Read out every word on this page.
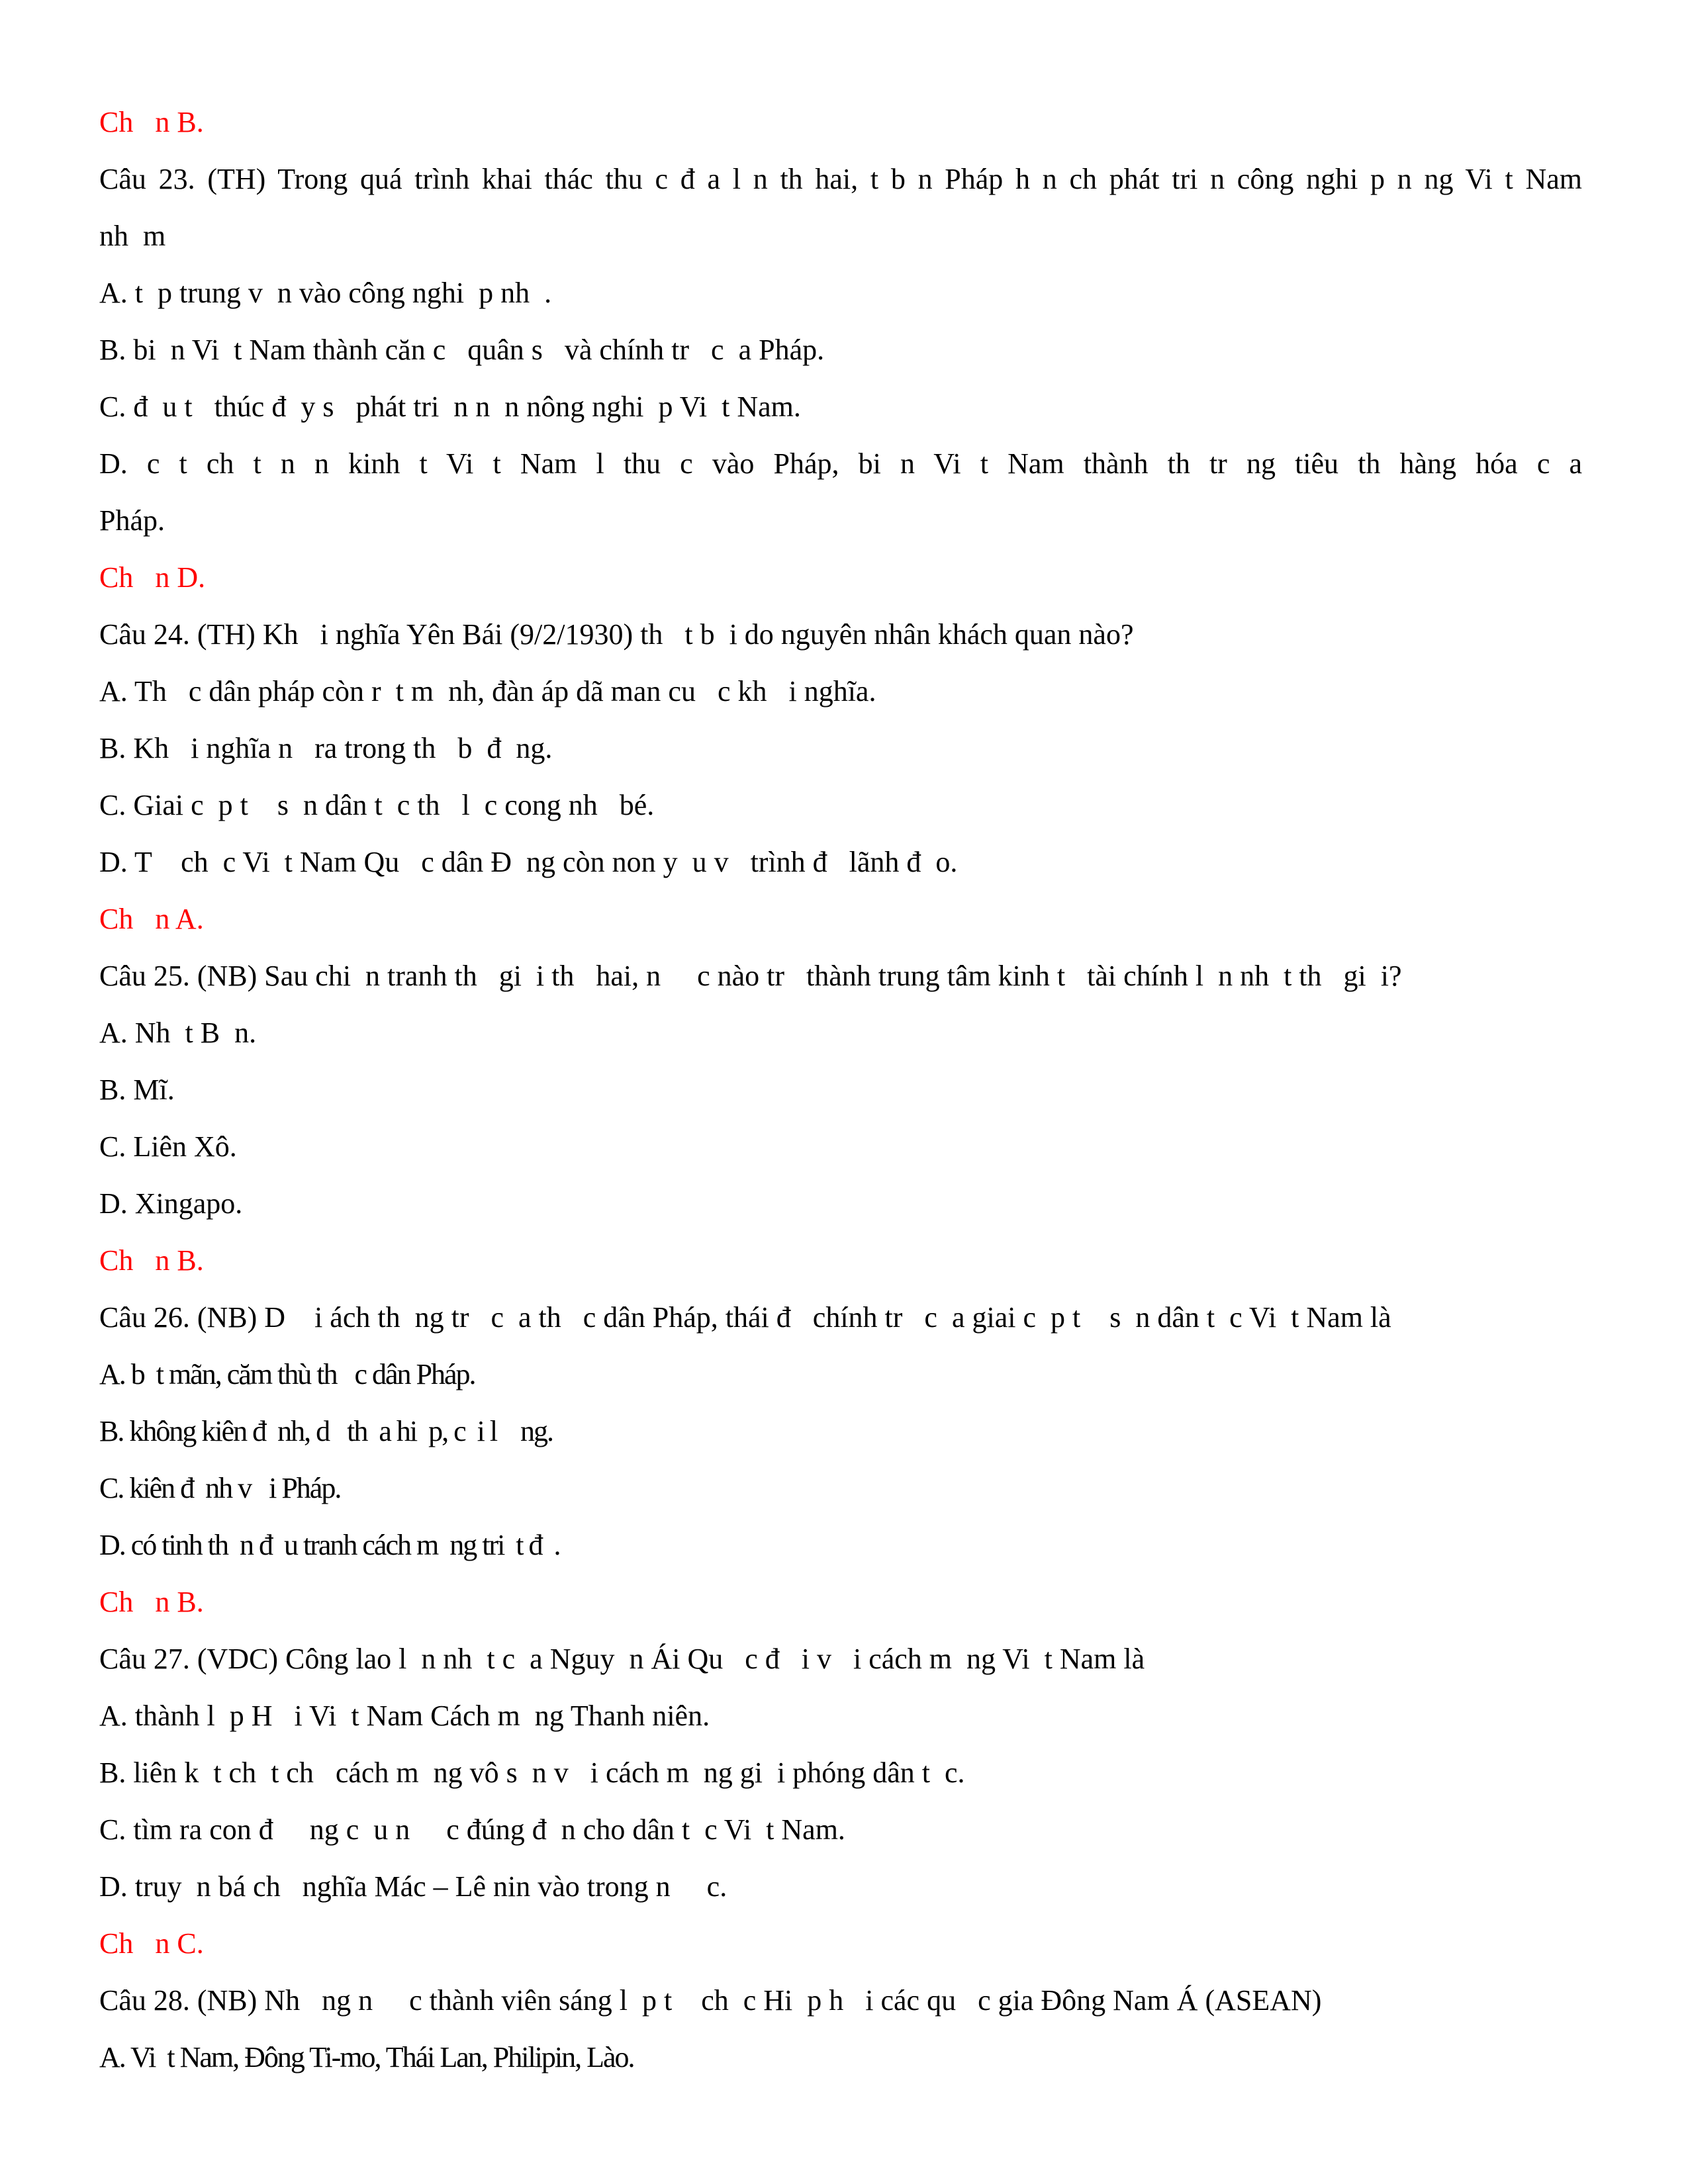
Ch   n B.
Câu 23. (TH) Trong quá trình khai thác thu c đ a l n th hai, t b n Pháp h n ch phát tri n công nghi p n ng Vi t Nam
nh  m
A. t  p trung v  n vào công nghi  p nh  .
B. bi  n Vi  t Nam thành căn c   quân s   và chính tr   c  a Pháp.
C. đ  u t   thúc đ  y s   phát tri  n n  n nông nghi  p Vi  t Nam.
D. c t ch t n n kinh t Vi t Nam l thu c vào Pháp, bi n Vi t Nam thành th tr ng tiêu th hàng hóa c a
Pháp.
Ch   n D.
Câu 24. (TH) Kh   i nghĩa Yên Bái (9/2/1930) th   t b  i do nguyên nhân khách quan nào?
A. Th   c dân pháp còn r  t m  nh, đàn áp dã man cu   c kh   i nghĩa.
B. Kh   i nghĩa n   ra trong th   b  đ  ng.
C. Giai c  p t    s  n dân t  c th   l  c cong nh   bé.
D. T    ch  c Vi  t Nam Qu   c dân Đ  ng còn non y  u v   trình đ   lãnh đ  o.
Ch   n A.
Câu 25. (NB) Sau chi  n tranh th   gi  i th   hai, n     c nào tr   thành trung tâm kinh t   tài chính l  n nh  t th   gi  i?
A. Nh  t B  n.
B. Mĩ.
C. Liên Xô.
D. Xingapo.
Ch   n B.
Câu 26. (NB) D    i ách th  ng tr   c  a th   c dân Pháp, thái đ   chính tr   c  a giai c  p t    s  n dân t  c Vi  t Nam là
A. b  t mãn, căm thù th   c dân Pháp.
B. không kiên đ  nh, d   th  a hi  p, c  i l    ng.
C. kiên đ  nh v   i Pháp.
D. có tinh th  n đ  u tranh cách m  ng tri  t đ  .
Ch   n B.
Câu 27. (VDC) Công lao l  n nh  t c  a Nguy  n Ái Qu   c đ   i v   i cách m  ng Vi  t Nam là
A. thành l  p H   i Vi  t Nam Cách m  ng Thanh niên.
B. liên k  t ch  t ch   cách m  ng vô s  n v   i cách m  ng gi  i phóng dân t  c.
C. tìm ra con đ     ng c  u n     c đúng đ  n cho dân t  c Vi  t Nam.
D. truy  n bá ch   nghĩa Mác – Lê nin vào trong n     c.
Ch   n C.
Câu 28. (NB) Nh   ng n     c thành viên sáng l  p t    ch  c Hi  p h   i các qu   c gia Đông Nam Á (ASEAN)
A. Vi  t Nam, Đông Ti-mo, Thái Lan, Philipin, Lào.
